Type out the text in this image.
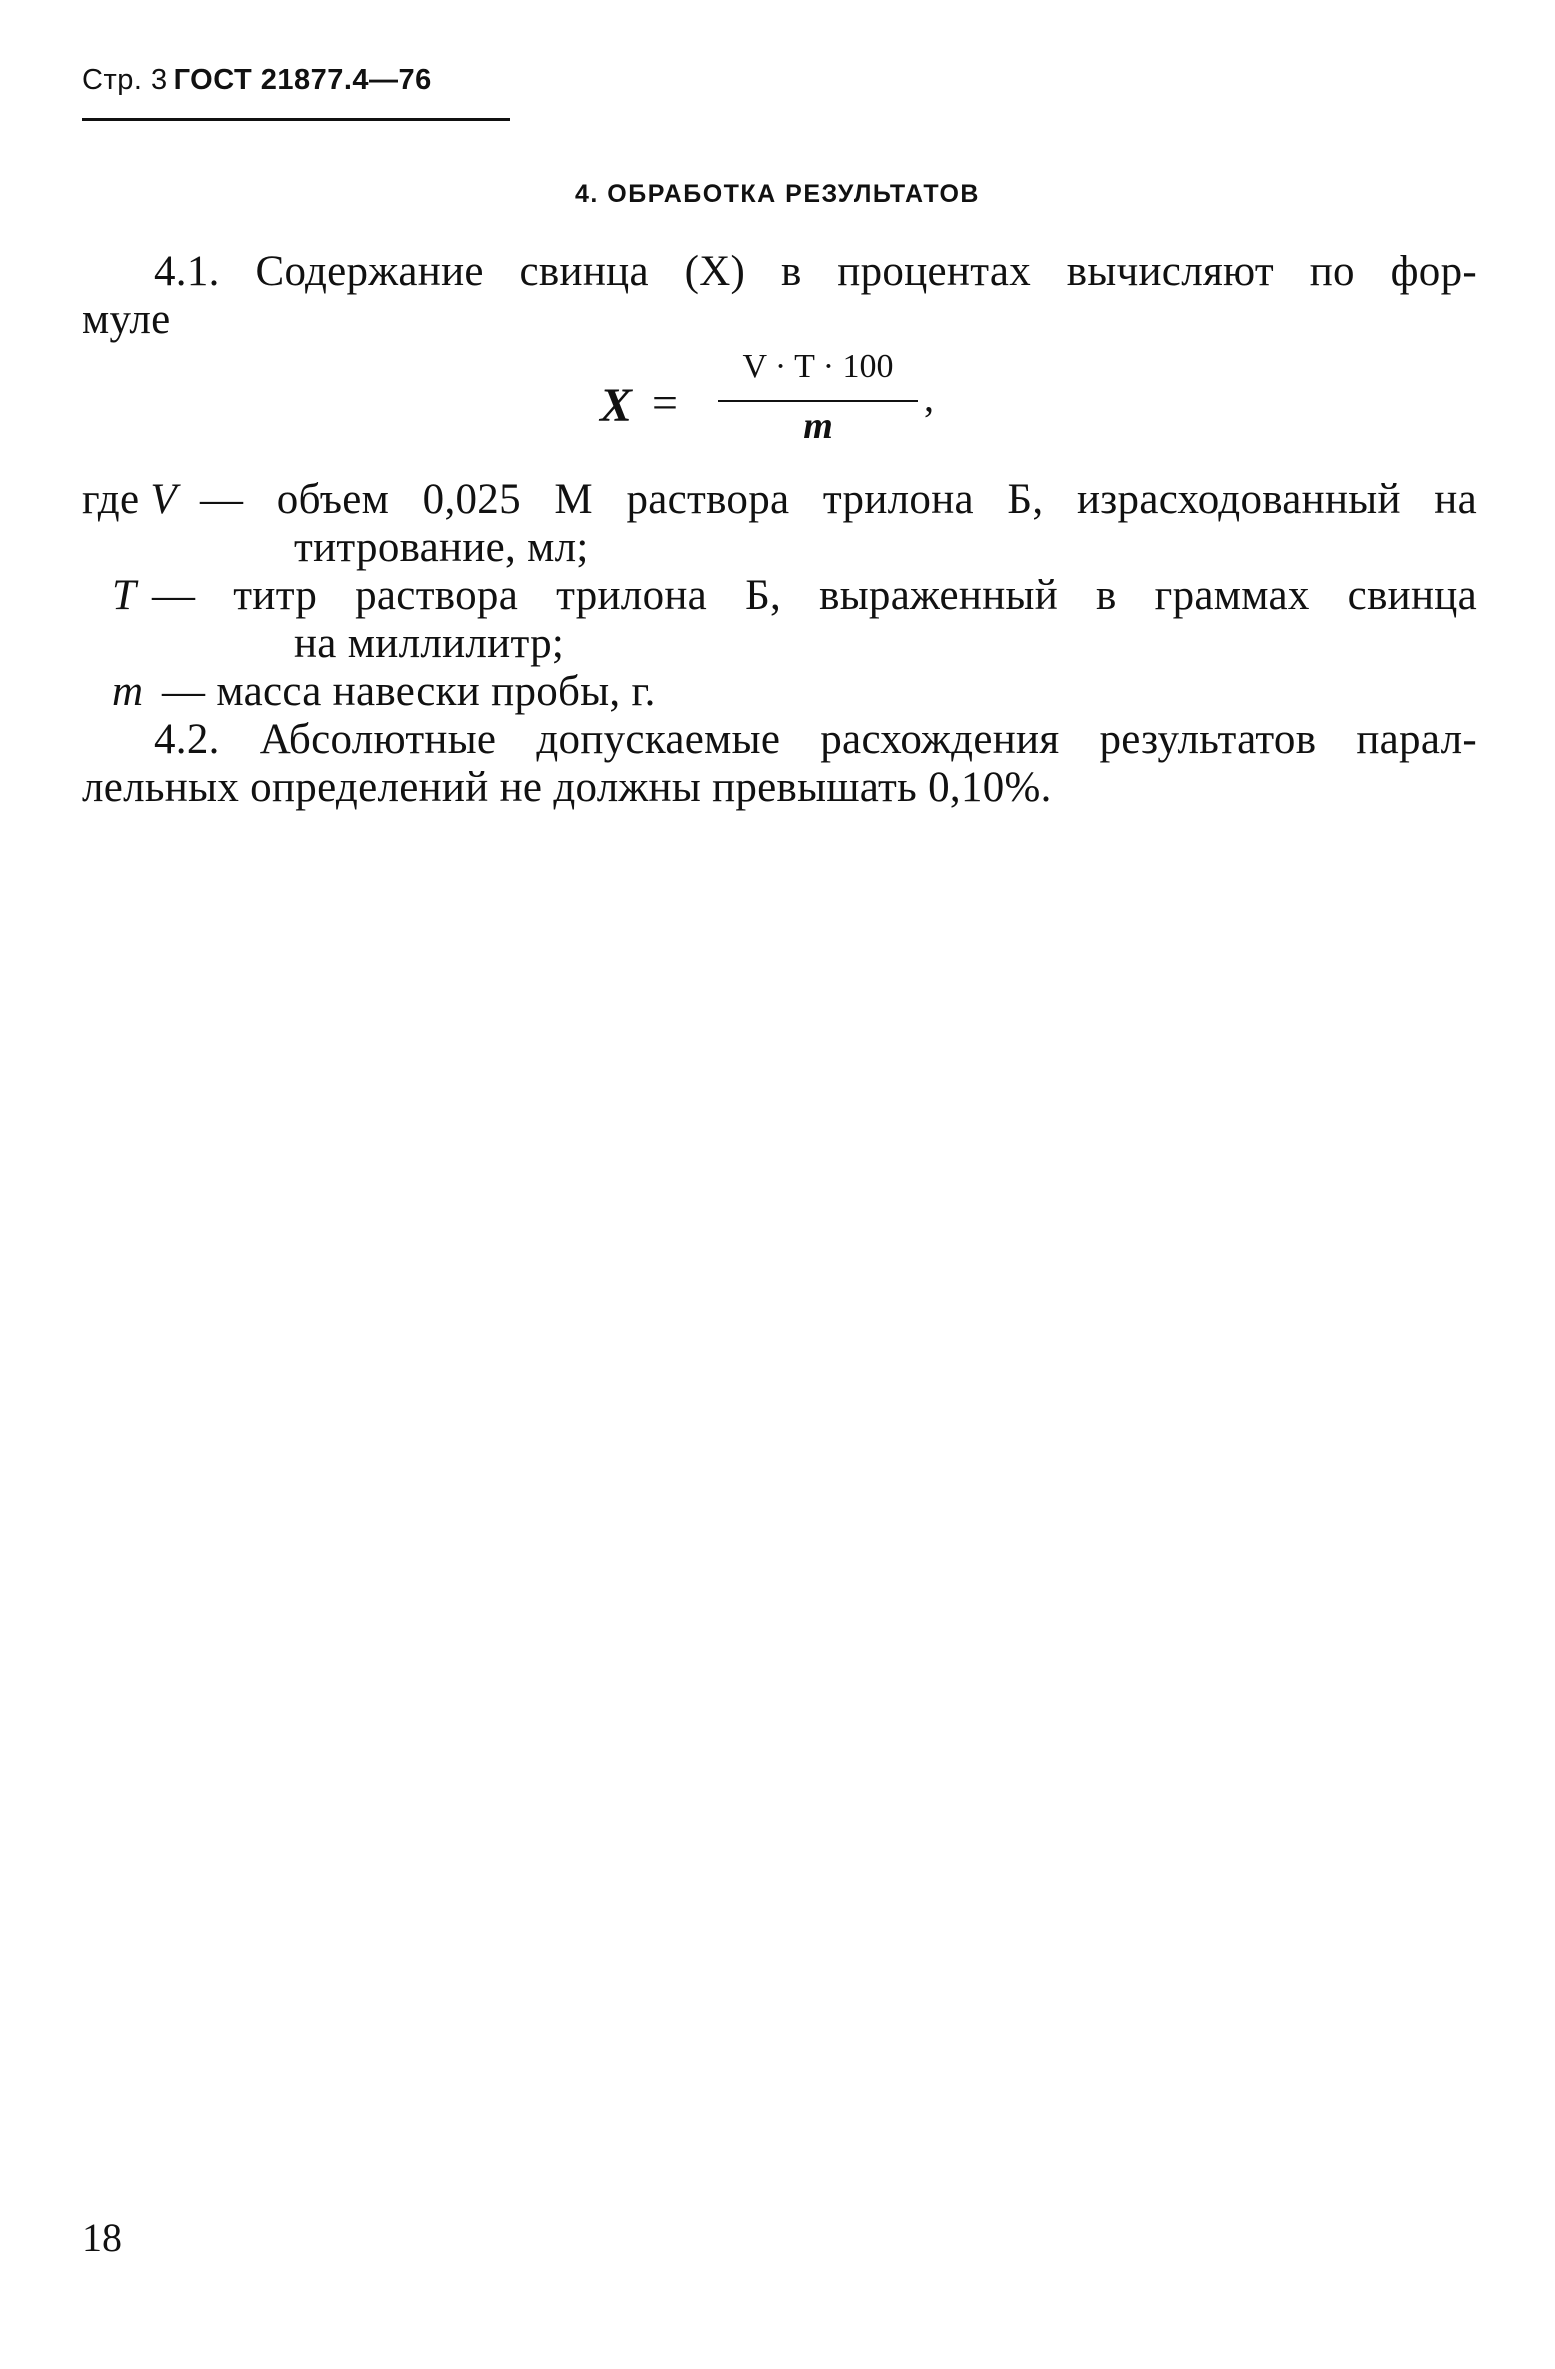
Стр. 3 ГОСТ 21877.4—76
4. ОБРАБОТКА РЕЗУЛЬТАТОВ
4.1. Содержание свинца (X) в процентах вычисляют по фор-
муле
X =
V · T · 100
m
,
где V — объем 0,025 М раствора трилона Б, израсходованный на
титрование, мл;
T — титр раствора трилона Б, выраженный в граммах свинца
на миллилитр;
m — масса навески пробы, г.
4.2. Абсолютные допускаемые расхождения результатов парал-
лельных определений не должны превышать 0,10%.
18
